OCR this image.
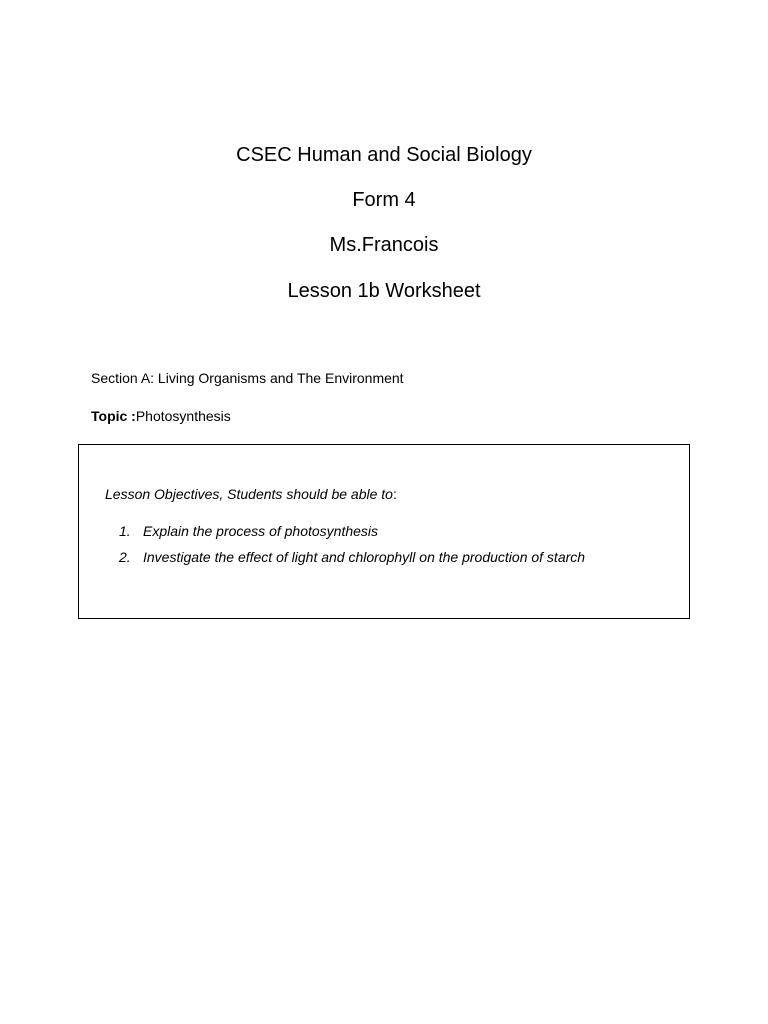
CSEC Human and Social Biology
Form 4
Ms.Francois
Lesson 1b Worksheet
Section A: Living Organisms and The Environment
Topic :Photosynthesis
Lesson Objectives, Students should be able to:
1. Explain the process of photosynthesis
2. Investigate the effect of light and chlorophyll on the production of starch
